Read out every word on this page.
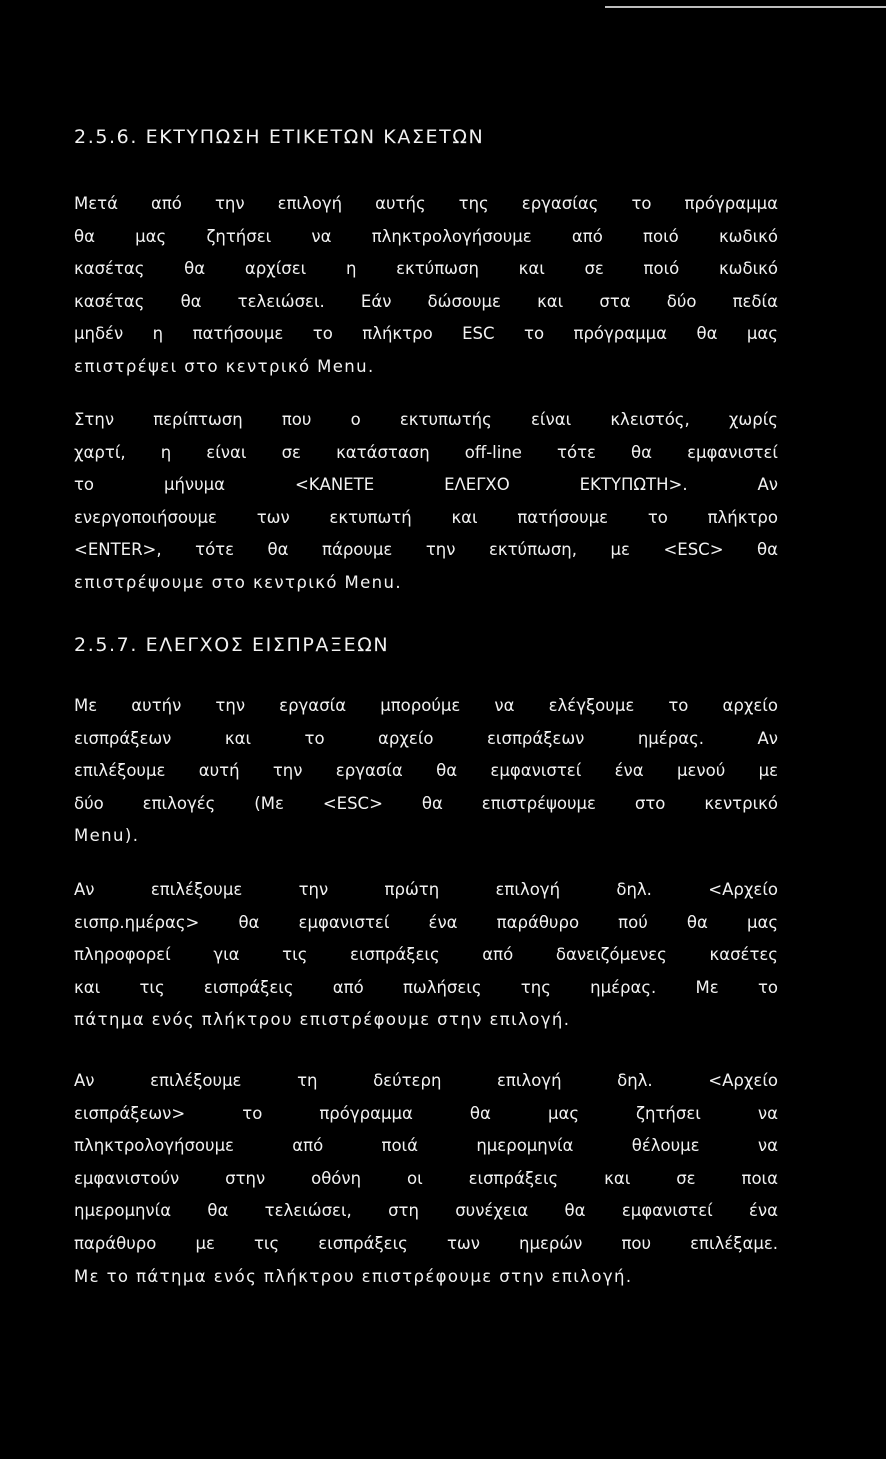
2.5.6. ΕΚΤΥΠΩΣΗ ΕΤΙΚΕΤΩΝ ΚΑΣΕΤΩΝ
Μετά από την επιλογή αυτής της εργασίας το πρόγραμμα
θα μας ζητήσει να πληκτρολογήσουμε από ποιό κωδικό
κασέτας θα αρχίσει η εκτύπωση και σε ποιό κωδικό
κασέτας θα τελειώσει. Εάν δώσουμε και στα δύο πεδία
μηδέν η πατήσουμε το πλήκτρο ESC το πρόγραμμα θα μας
επιστρέψει στο κεντρικό Menu.
Στην περίπτωση που ο εκτυπωτής είναι κλειστός, χωρίς
χαρτί, η είναι σε κατάσταση off-line τότε θα εμφανιστεί
το μήνυμα <ΚΑΝΕΤΕ ΕΛΕΓΧΟ ΕΚΤΥΠΩΤΗ>. Αν
ενεργοποιήσουμε των εκτυπωτή και πατήσουμε το πλήκτρο
<ENTER>, τότε θα πάρουμε την εκτύπωση, με <ESC> θα
επιστρέψουμε στο κεντρικό Menu.
2.5.7. ΕΛΕΓΧΟΣ ΕΙΣΠΡΑΞΕΩΝ
Με αυτήν την εργασία μπορούμε να ελέγξουμε το αρχείο
εισπράξεων και το αρχείο εισπράξεων ημέρας. Αν
επιλέξουμε αυτή την εργασία θα εμφανιστεί ένα μενού με
δύο επιλογές (Με <ESC> θα επιστρέψουμε στο κεντρικό
Menu).
Αν επιλέξουμε την πρώτη επιλογή δηλ. <Αρχείο
εισπρ.ημέρας> θα εμφανιστεί ένα παράθυρο πού θα μας
πληροφορεί για τις εισπράξεις από δανειζόμενες κασέτες
και τις εισπράξεις από πωλήσεις της ημέρας. Με το
πάτημα ενός πλήκτρου επιστρέφουμε στην επιλογή.
Αν επιλέξουμε τη δεύτερη επιλογή δηλ. <Αρχείο
εισπράξεων> το πρόγραμμα θα μας ζητήσει να
πληκτρολογήσουμε από ποιά ημερομηνία θέλουμε να
εμφανιστούν στην οθόνη οι εισπράξεις και σε ποια
ημερομηνία θα τελειώσει, στη συνέχεια θα εμφανιστεί ένα
παράθυρο με τις εισπράξεις των ημερών που επιλέξαμε.
Με το πάτημα ενός πλήκτρου επιστρέφουμε στην επιλογή.
